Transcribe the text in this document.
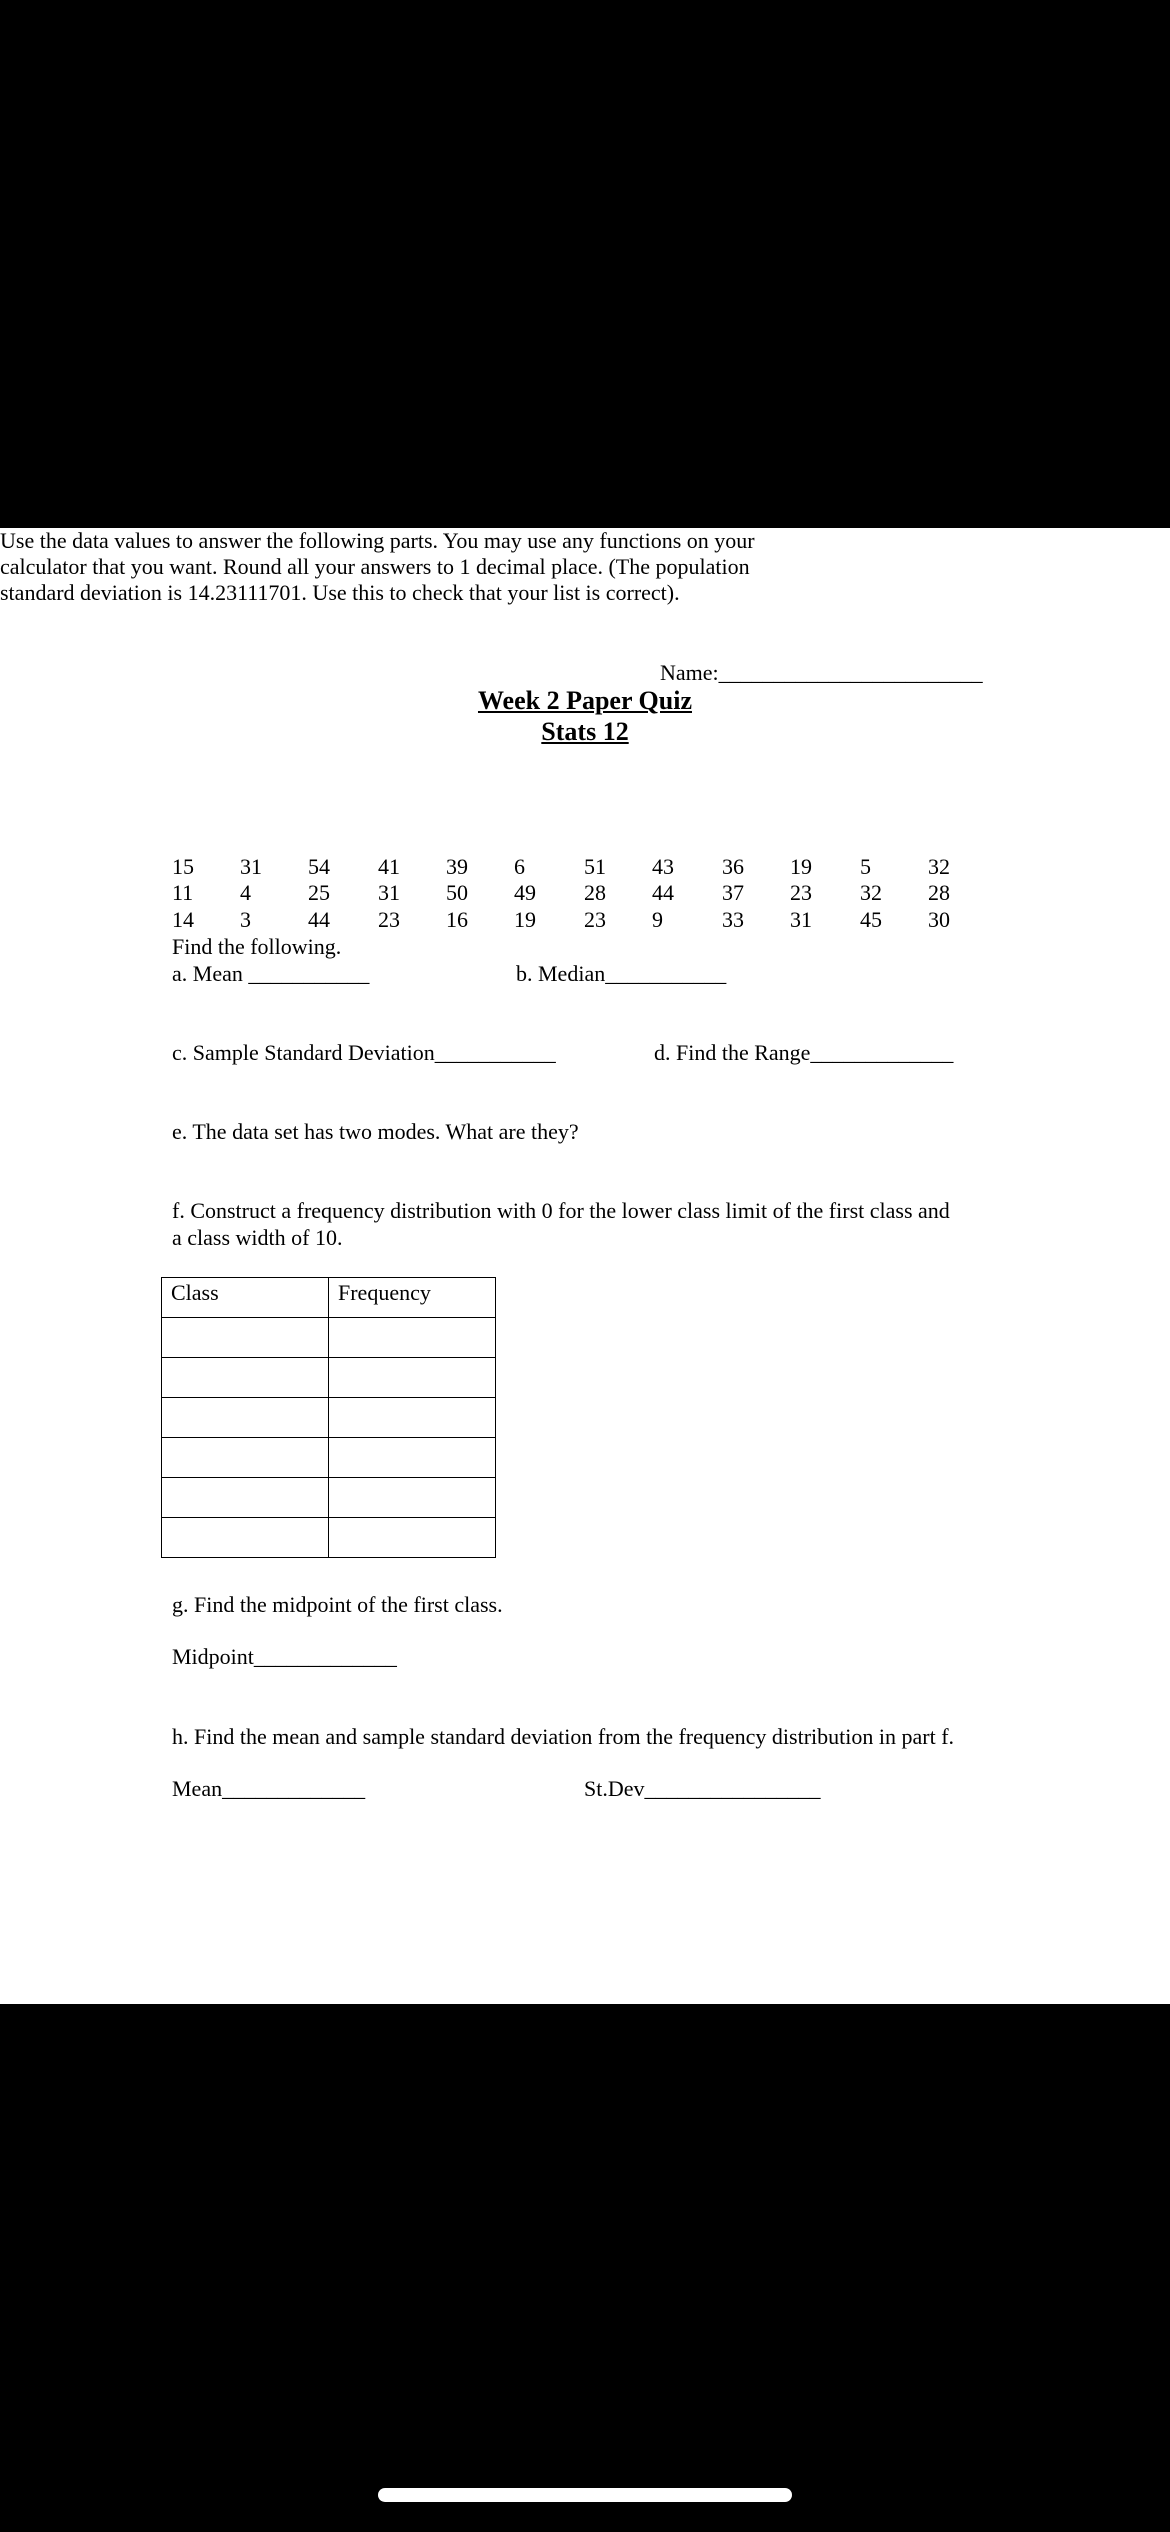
Name:________________________
Week 2 Paper Quiz
Stats 12

Use the data values to answer the following parts. You may use any functions on your

calculator that you want. Round all your answers to 1 decimal place. (The population

standard deviation is 14.23111701. Use this to check that your list is correct).

15 31 54 41 39 6	51 43 36 19 5	32
11 4	25 31 50 49 28 44 37 23 32 28
14 3	44 23 16 19 23 9	33 31 45 30
Find the following.
a. Mean ___________	b. Median___________
c. Sample Standard Deviation___________	d. Find the Range_____________
e. The data set has two modes. What are they?
f. Construct a frequency distribution with 0 for the lower class limit of the first class and
a class width of 10.
Class	Frequency

g. Find the midpoint of the first class.
Midpoint_____________
h. Find the mean and sample standard deviation from the frequency distribution in part f.
Mean_____________	St.Dev________________
